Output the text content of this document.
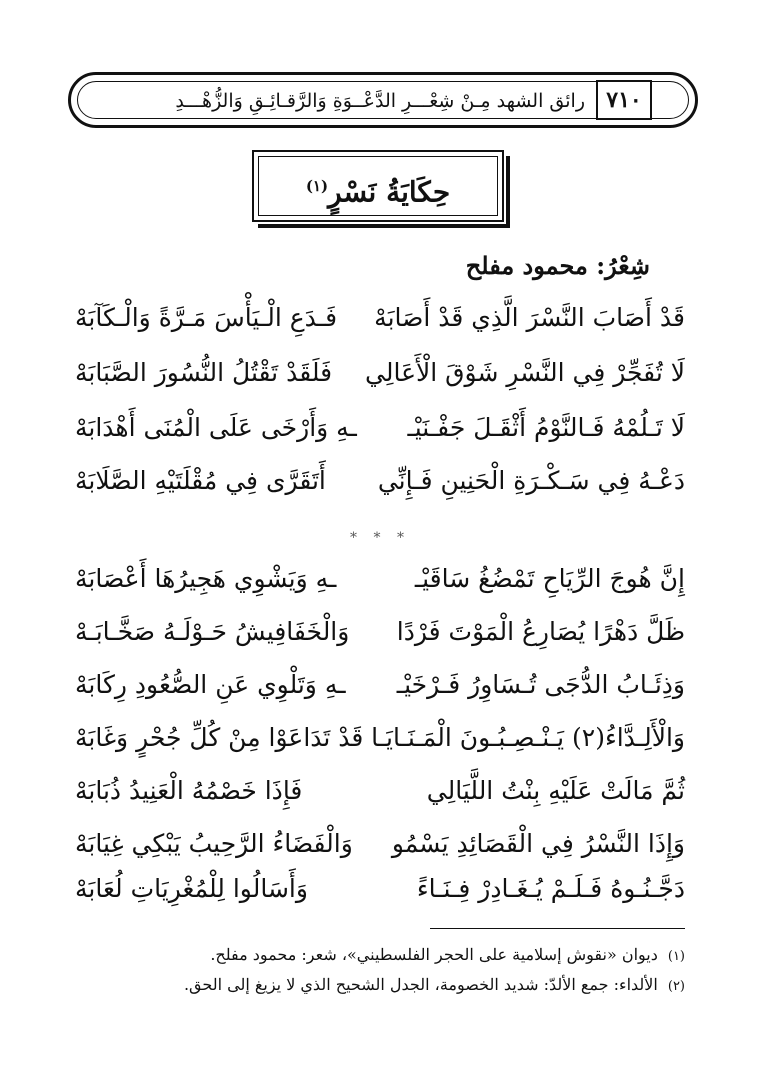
رائق الشهد مِـنْ شِعْـــرِ الدَّعْــوَةِ وَالرَّقـائِـقِ وَالزُّهْـــدِ ٧١٠
حِكَايَةُ نَسْرٍ$^{(١)}$
شِعْرُ: محمود مفلح
قَدْ أَصَابَ النَّسْرَ الَّذِي قَدْ أَصَابَهْ
فَـدَعِ الْـيَأْسَ مَـرَّةً وَالْـكَآبَهْ
لَا تُفَجِّرْ فِي النَّسْرِ شَوْقَ الْأَعَالِي
فَلَقَدْ تَقْتُلُ النُّسُورَ الصَّبَابَهْ
لَا تَـلُمْهُ فَـالنَّوْمُ أَثْقَـلَ جَفْـنَيْـ
ـهِ وَأَرْخَى عَلَى الْمُنَى أَهْدَابَهْ
دَعْـهُ فِي سَـكْـرَةِ الْحَنِينِ فَـإِنِّي
أَتَقَرَّى فِي مُقْلَتَيْهِ الصَّلَابَهْ
* * *
إِنَّ هُوجَ الرِّيَاحِ تَمْضُغُ سَاقَيْـ
ـهِ وَيَشْوِي هَجِيرُهَا أَعْصَابَهْ
ظَلَّ دَهْرًا يُصَارِعُ الْمَوْتَ فَرْدًا
وَالْخَفَافِيشُ حَـوْلَـهُ صَخَّـابَـهْ
وَذِئَـابُ الدُّجَى تُـسَاوِرُ فَـرْخَيْـ
ـهِ وَتَلْوِي عَنِ الصُّعُودِ رِكَابَهْ
وَالْأَلِـدَّاءُ(٢) يَـنْـصِـبُـونَ الْمَـنَـايَـا
قَدْ تَدَاعَوْا مِنْ كُلِّ جُحْرٍ وَغَابَهْ
ثُمَّ مَالَتْ عَلَيْهِ بِنْتُ اللَّيَالِي
فَإِذَا خَصْمُهُ الْعَنِيدُ ذُبَابَهْ
وَإِذَا النَّسْرُ فِي الْقَصَائِدِ يَسْمُو
وَالْفَضَاءُ الرَّحِيبُ يَبْكِي غِيَابَهْ
دَجَّـنُـوهُ فَـلَـمْ يُـغَـادِرْ فِـنَـاءً
وَأَسَالُوا لِلْمُغْرِيَاتِ لُعَابَهْ
(١)ديوان «نقوش إسلامية على الحجر الفلسطيني»، شعر: محمود مفلح.
(٢)الألداء: جمع الألدّ: شديد الخصومة، الجدل الشحيح الذي لا يزيغ إلى الحق.
